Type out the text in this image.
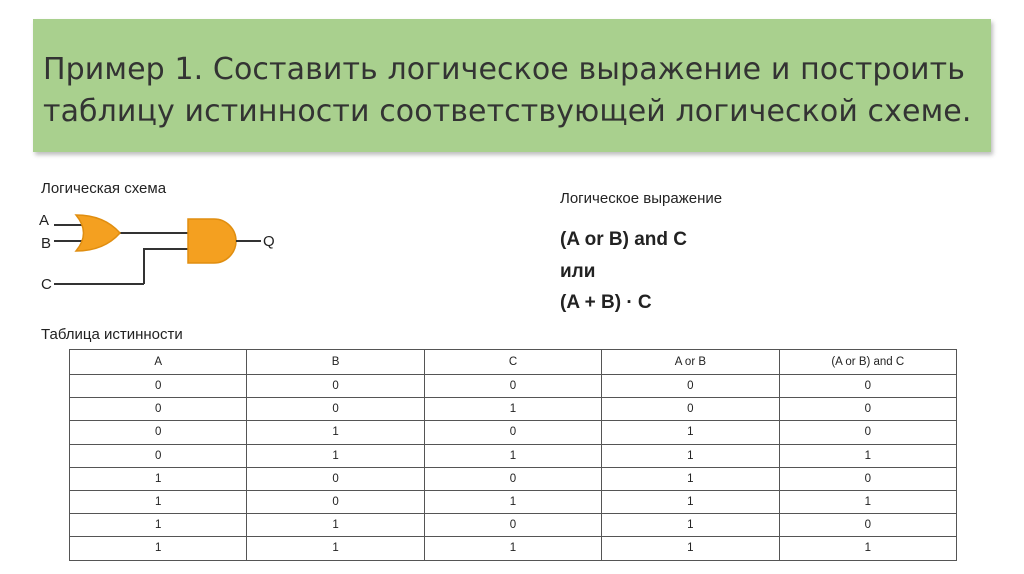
Пример 1. Составить логическое выражение и построить таблицу истинности соответствующей логической схеме.
Логическая схема
A
B
C
Q
Логическое выражение
(A or B) and C
или
(A + B) · C
Таблица истинности
A	B	C	A or B	(A or B) and C
0	0	0	0	0
0	0	1	0	0
0	1	0	1	0
0	1	1	1	1
1	0	0	1	0
1	0	1	1	1
1	1	0	1	0
1	1	1	1	1
